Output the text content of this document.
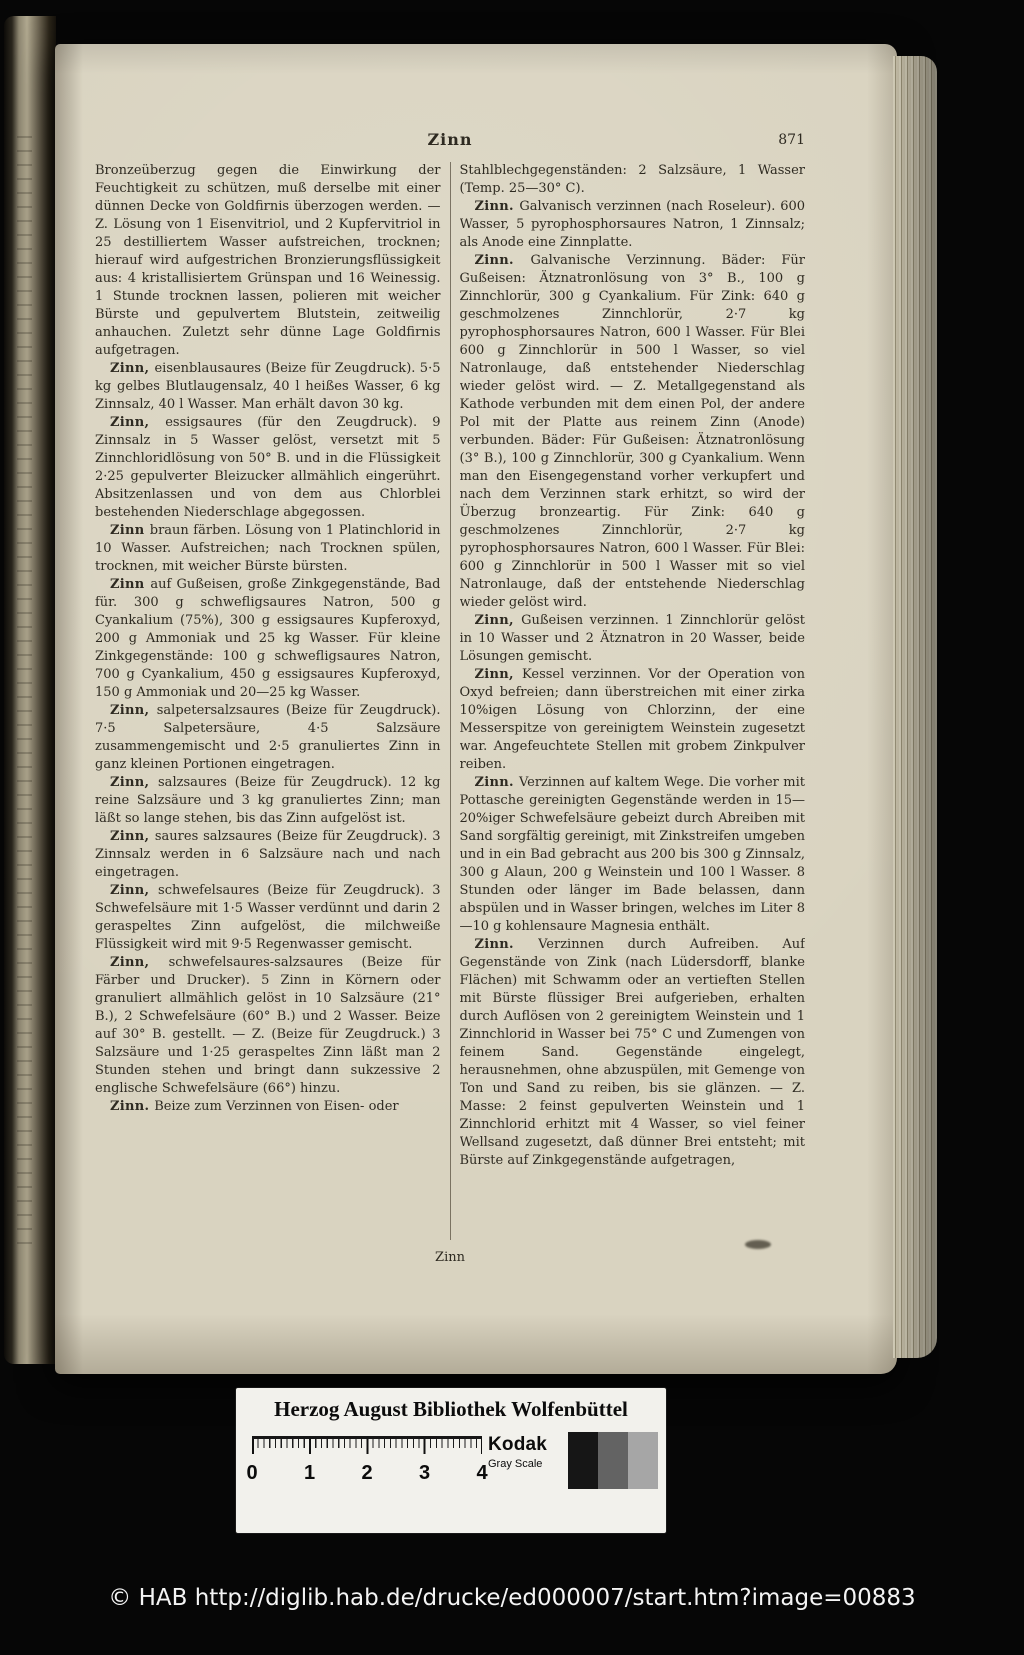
Zinn	871

Bronzeüberzug gegen die Einwirkung der Feuchtigkeit zu schützen, muß derselbe mit einer dünnen Decke von Goldfirnis überzogen werden. — Z. Lösung von 1 Eisenvitriol, und 2 Kupfervitriol in 25 destilliertem Wasser aufstreichen, trocknen; hierauf wird aufgestrichen Bronzierungsflüssigkeit aus: 4 kristallisiertem Grünspan und 16 Weinessig. 1 Stunde trocknen lassen, polieren mit weicher Bürste und gepulvertem Blutstein, zeitweilig anhauchen. Zuletzt sehr dünne Lage Goldfirnis aufgetragen.

Zinn, eisenblausaures (Beize für Zeugdruck). 5·5 kg gelbes Blutlaugensalz, 40 l heißes Wasser, 6 kg Zinnsalz, 40 l Wasser. Man erhält davon 30 kg.

Zinn, essigsaures (für den Zeugdruck). 9 Zinnsalz in 5 Wasser gelöst, versetzt mit 5 Zinnchloridlösung von 50° B. und in die Flüssigkeit 2·25 gepulverter Bleizucker allmählich eingerührt. Absitzenlassen und von dem aus Chlorblei bestehenden Niederschlage abgegossen.

Zinn braun färben. Lösung von 1 Platinchlorid in 10 Wasser. Aufstreichen; nach Trocknen spülen, trocknen, mit weicher Bürste bürsten.

Zinn auf Gußeisen, große Zinkgegenstände, Bad für. 300 g schwefligsaures Natron, 500 g Cyankalium (75%), 300 g essigsaures Kupferoxyd, 200 g Ammoniak und 25 kg Wasser. Für kleine Zinkgegenstände: 100 g schwefligsaures Natron, 700 g Cyankalium, 450 g essigsaures Kupferoxyd, 150 g Ammoniak und 20—25 kg Wasser.

Zinn, salpetersalzsaures (Beize für Zeugdruck). 7·5 Salpetersäure, 4·5 Salzsäure zusammengemischt und 2·5 granuliertes Zinn in ganz kleinen Portionen eingetragen.

Zinn, salzsaures (Beize für Zeugdruck). 12 kg reine Salzsäure und 3 kg granuliertes Zinn; man läßt so lange stehen, bis das Zinn aufgelöst ist.

Zinn, saures salzsaures (Beize für Zeugdruck). 3 Zinnsalz werden in 6 Salzsäure nach und nach eingetragen.

Zinn, schwefelsaures (Beize für Zeugdruck). 3 Schwefelsäure mit 1·5 Wasser verdünnt und darin 2 geraspeltes Zinn aufgelöst, die milchweiße Flüssigkeit wird mit 9·5 Regenwasser gemischt.

Zinn, schwefelsaures-salzsaures (Beize für Färber und Drucker). 5 Zinn in Körnern oder granuliert allmählich gelöst in 10 Salzsäure (21° B.), 2 Schwefelsäure (60° B.) und 2 Wasser. Beize auf 30° B. gestellt. — Z. (Beize für Zeugdruck.) 3 Salzsäure und 1·25 geraspeltes Zinn läßt man 2 Stunden stehen und bringt dann sukzessive 2 englische Schwefelsäure (66°) hinzu.

Zinn. Beize zum Verzinnen von Eisen- oder

Stahlblechgegenständen: 2 Salzsäure, 1 Wasser (Temp. 25—30° C).

Zinn. Galvanisch verzinnen (nach Roseleur). 600 Wasser, 5 pyrophosphorsaures Natron, 1 Zinnsalz; als Anode eine Zinnplatte.

Zinn. Galvanische Verzinnung. Bäder: Für Gußeisen: Ätznatronlösung von 3° B., 100 g Zinnchlorür, 300 g Cyankalium. Für Zink: 640 g geschmolzenes Zinnchlorür, 2·7 kg pyrophosphorsaures Natron, 600 l Wasser. Für Blei 600 g Zinnchlorür in 500 l Wasser, so viel Natronlauge, daß entstehender Niederschlag wieder gelöst wird. — Z. Metallgegenstand als Kathode verbunden mit dem einen Pol, der andere Pol mit der Platte aus reinem Zinn (Anode) verbunden. Bäder: Für Gußeisen: Ätznatronlösung (3° B.), 100 g Zinnchlorür, 300 g Cyankalium. Wenn man den Eisengegenstand vorher verkupfert und nach dem Verzinnen stark erhitzt, so wird der Überzug bronzeartig. Für Zink: 640 g geschmolzenes Zinnchlorür, 2·7 kg pyrophosphorsaures Natron, 600 l Wasser. Für Blei: 600 g Zinnchlorür in 500 l Wasser mit so viel Natronlauge, daß der entstehende Niederschlag wieder gelöst wird.

Zinn, Gußeisen verzinnen. 1 Zinnchlorür gelöst in 10 Wasser und 2 Ätznatron in 20 Wasser, beide Lösungen gemischt.

Zinn, Kessel verzinnen. Vor der Operation von Oxyd befreien; dann überstreichen mit einer zirka 10%igen Lösung von Chlorzinn, der eine Messerspitze von gereinigtem Weinstein zugesetzt war. Angefeuchtete Stellen mit grobem Zinkpulver reiben.

Zinn. Verzinnen auf kaltem Wege. Die vorher mit Pottasche gereinigten Gegenstände werden in 15—20%iger Schwefelsäure gebeizt durch Abreiben mit Sand sorgfältig gereinigt, mit Zinkstreifen umgeben und in ein Bad gebracht aus 200 bis 300 g Zinnsalz, 300 g Alaun, 200 g Weinstein und 100 l Wasser. 8 Stunden oder länger im Bade belassen, dann abspülen und in Wasser bringen, welches im Liter 8—10 g kohlensaure Magnesia enthält.

Zinn. Verzinnen durch Aufreiben. Auf Gegenstände von Zink (nach Lüdersdorff, blanke Flächen) mit Schwamm oder an vertieften Stellen mit Bürste flüssiger Brei aufgerieben, erhalten durch Auflösen von 2 gereinigtem Weinstein und 1 Zinnchlorid in Wasser bei 75° C und Zumengen von feinem Sand. Gegenstände eingelegt, herausnehmen, ohne abzuspülen, mit Gemenge von Ton und Sand zu reiben, bis sie glänzen. — Z. Masse: 2 feinst gepulverten Weinstein und 1 Zinnchlorid erhitzt mit 4 Wasser, so viel feiner Wellsand zugesetzt, daß dünner Brei entsteht; mit Bürste auf Zinkgegenstände aufgetragen,

Zinn
Herzog August Bibliothek Wolfenbüttel
0 1 2 3 4
Kodak
Gray Scale
© HAB http://diglib.hab.de/drucke/ed000007/start.htm?image=00883
